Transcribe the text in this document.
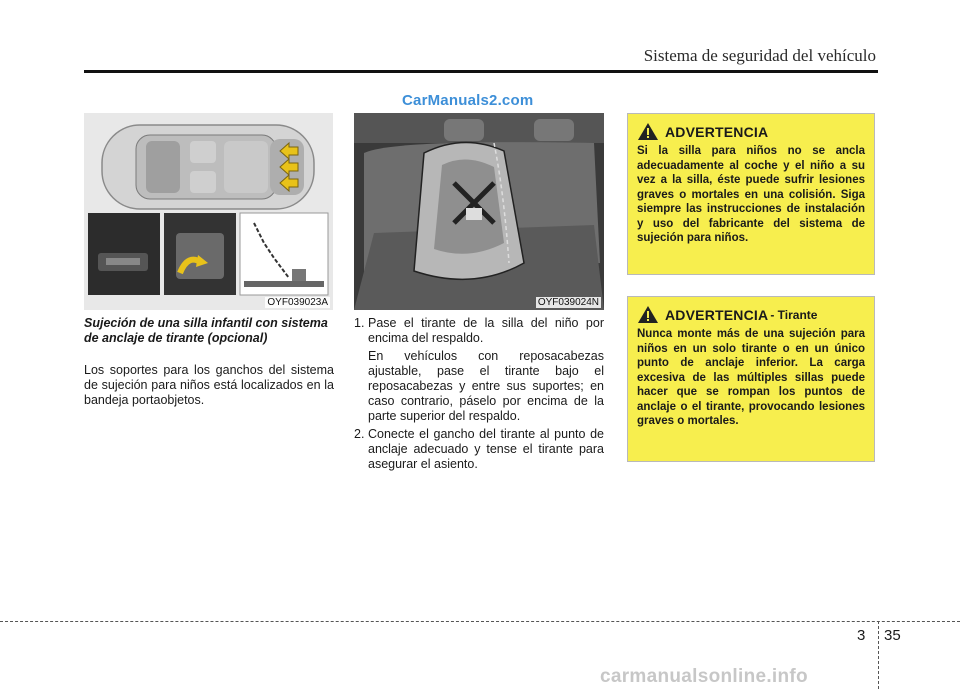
Sistema de seguridad del vehículo
CarManuals2.com
OYF039023A	OYF039024N
Sujeción de una silla infantil con sistema de anclaje de tirante (opcional)
Los soportes para los ganchos del sistema de sujeción para niños está localizados en la bandeja portaobjetos.
1. Pase el tirante de la silla del niño por encima del respaldo.

En vehículos con reposacabezas ajustable, pase el tirante bajo el reposacabezas y entre sus suportes; en caso contrario, páselo por encima de la parte superior del respaldo.

2. Conecte el gancho del tirante al punto de anclaje adecuado y tense el tirante para asegurar el asiento.

ADVERTENCIA
Si la silla para niños no se ancla adecuadamente al coche y el niño a su vez a la silla, éste puede sufrir lesiones graves o mortales en una colisión. Siga siempre las instrucciones de instalación y uso del fabricante del sistema de sujeción para niños.
ADVERTENCIA - Tirante
Nunca monte más de una sujeción para niños en un solo tirante o en un único punto de anclaje inferior. La carga excesiva de las múltiples sillas puede hacer que se rompan los puntos de anclaje o el tirante, provocando lesiones graves o mortales.
3 35
carmanualsonline.info
